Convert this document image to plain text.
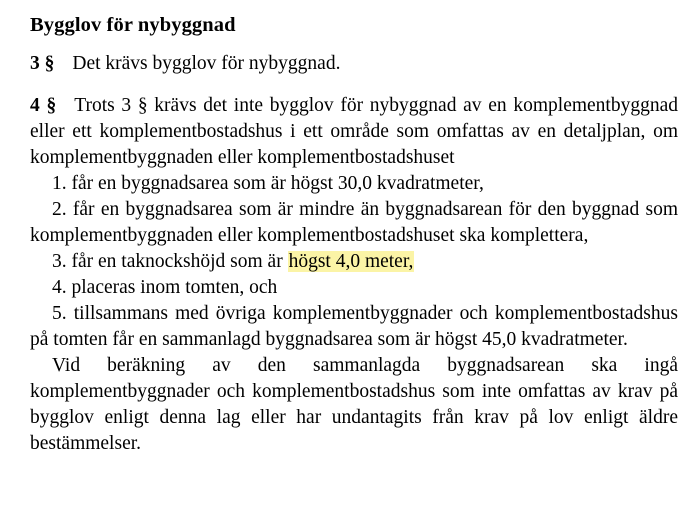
Bygglov för nybyggnad

3 § Det krävs bygglov för nybyggnad.

4 § Trots 3 § krävs det inte bygglov för nybyggnad av en komplementbyggnad eller ett komplementbostadshus i ett område som omfattas av en detaljplan, om komplementbyggnaden eller komplementbostadshuset

1. får en byggnadsarea som är högst 30,0 kvadratmeter,

2. får en byggnadsarea som är mindre än byggnadsarean för den byggnad som komplementbyggnaden eller komplementbostadshuset ska komplettera,

3. får en taknockshöjd som är högst 4,0 meter,

4. placeras inom tomten, och

5. tillsammans med övriga komplementbyggnader och komplementbostadshus på tomten får en sammanlagd byggnadsarea som är högst 45,0 kvadratmeter.

Vid beräkning av den sammanlagda byggnadsarean ska ingå komplementbyggnader och komplementbostadshus som inte omfattas av krav på bygglov enligt denna lag eller har undantagits från krav på lov enligt äldre bestämmelser.
